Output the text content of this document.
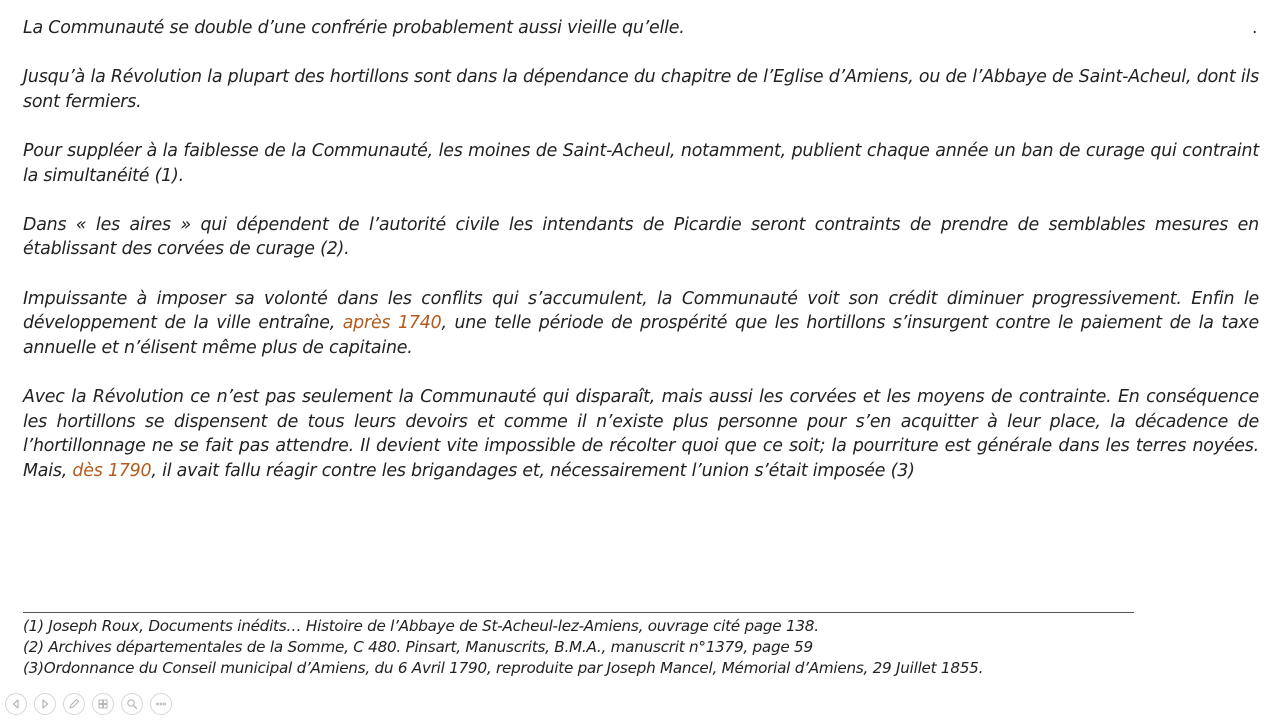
.

La Communauté se double d’une confrérie probablement aussi vieille qu’elle.

Jusqu’à la Révolution la plupart des hortillons sont dans la dépendance du chapitre de l’Eglise d’Amiens, ou de l’Abbaye de Saint-Acheul, dont ils sont fermiers.

Pour suppléer à la faiblesse de la Communauté, les moines de Saint-Acheul, notamment, publient chaque année un ban de curage qui contraint la simultanéité (1).

Dans « les aires » qui dépendent de l’autorité civile les intendants de Picardie seront contraints de prendre de semblables mesures en établissant des corvées de curage (2).

Impuissante à imposer sa volonté dans les conflits qui s’accumulent, la Communauté voit son crédit diminuer progressivement. Enfin le développement de la ville entraîne, après 1740, une telle période de prospérité que les hortillons s’insurgent contre le paiement de la taxe annuelle et n’élisent même plus de capitaine.

Avec la Révolution ce n’est pas seulement la Communauté qui disparaît, mais aussi les corvées et les moyens de contrainte. En conséquence les hortillons se dispensent de tous leurs devoirs et comme il n’existe plus personne pour s’en acquitter à leur place, la décadence de l’hortillonnage ne se fait pas attendre. Il devient vite impossible de récolter quoi que ce soit; la pourriture est générale dans les terres noyées. Mais, dès 1790, il avait fallu réagir contre les brigandages et, nécessairement l’union s’était imposée (3)

(1) Joseph Roux, Documents inédits… Histoire de l’Abbaye de St-Acheul-lez-Amiens, ouvrage cité page 138.

(2) Archives départementales de la Somme, C 480. Pinsart, Manuscrits, B.M.A., manuscrit n°1379, page 59

(3)Ordonnance du Conseil municipal d’Amiens, du 6 Avril 1790, reproduite par Joseph Mancel, Mémorial d’Amiens, 29 Juillet 1855.
